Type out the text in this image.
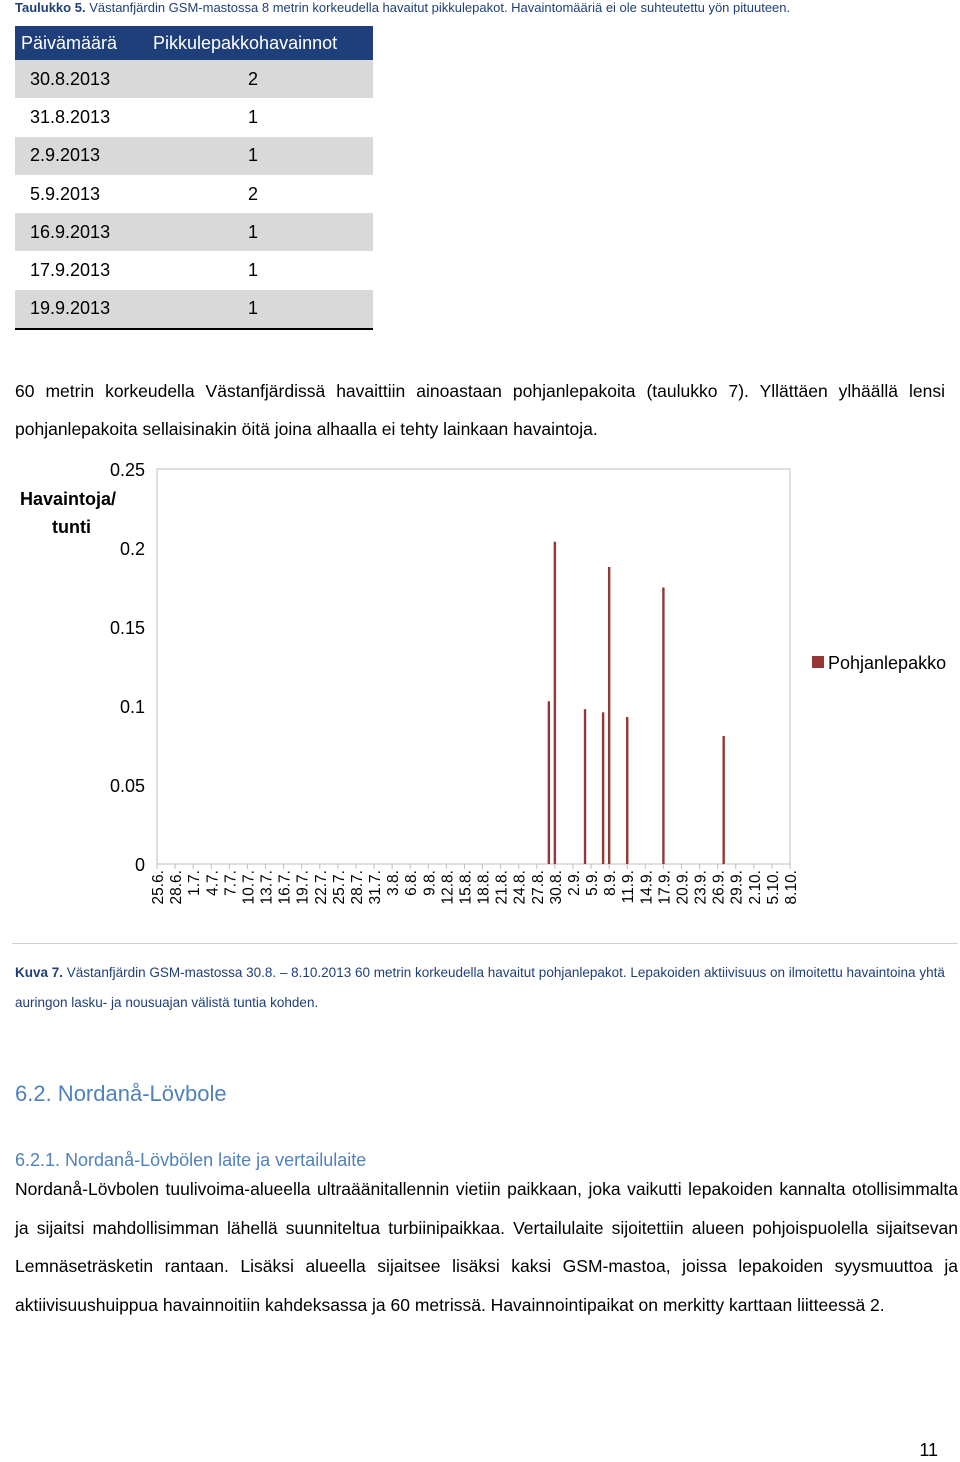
Taulukko 5. Västanfjärdin GSM-mastossa 8 metrin korkeudella havaitut pikkulepakot. Havaintomääriä ei ole suhteutettu yön pituuteen.
Päivämäärä	Pikkulepakkohavainnot
30.8.2013	2
31.8.2013	1
2.9.2013	1
5.9.2013	2
16.9.2013	1
17.9.2013	1
19.9.2013	1
60 metrin korkeudella Västanfjärdissä havaittiin ainoastaan pohjanlepakoita (taulukko 7). Yllättäen ylhäällä lensi pohjanlepakoita sellaisinakin öitä joina alhaalla ei tehty lainkaan havaintoja.
0
0.05
0.1
0.15
0.2
0.25
Havaintoja/
tunti
25.6. 28.6. 1.7. 4.7. 7.7. 10.7. 13.7. 16.7. 19.7. 22.7. 25.7. 28.7. 31.7. 3.8. 6.8. 9.8. 12.8. 15.8. 18.8. 21.8. 24.8. 27.8. 30.8. 2.9. 5.9. 8.9. 11.9. 14.9. 17.9. 20.9. 23.9. 26.9. 29.9. 2.10. 5.10. 8.10.
Pohjanlepakko
Kuva 7. Västanfjärdin GSM-mastossa 30.8. – 8.10.2013 60 metrin korkeudella havaitut pohjanlepakot. Lepakoiden aktiivisuus on ilmoitettu havaintoina yhtä auringon lasku- ja nousuajan välistä tuntia kohden.
6.2. Nordanå-Lövbole
6.2.1. Nordanå-Lövbölen laite ja vertailulaite
Nordanå-Lövbolen tuulivoima-alueella ultraäänitallennin vietiin paikkaan, joka vaikutti lepakoiden kannalta otollisimmalta ja sijaitsi mahdollisimman lähellä suunniteltua turbiinipaikkaa. Vertailulaite sijoitettiin alueen pohjoispuolella sijaitsevan Lemnäseträsketin rantaan. Lisäksi alueella sijaitsee lisäksi kaksi GSM-mastoa, joissa lepakoiden syysmuuttoa ja aktiivisuushuippua havainnoitiin kahdeksassa ja 60 metrissä. Havainnointipaikat on merkitty karttaan liitteessä 2.
11
